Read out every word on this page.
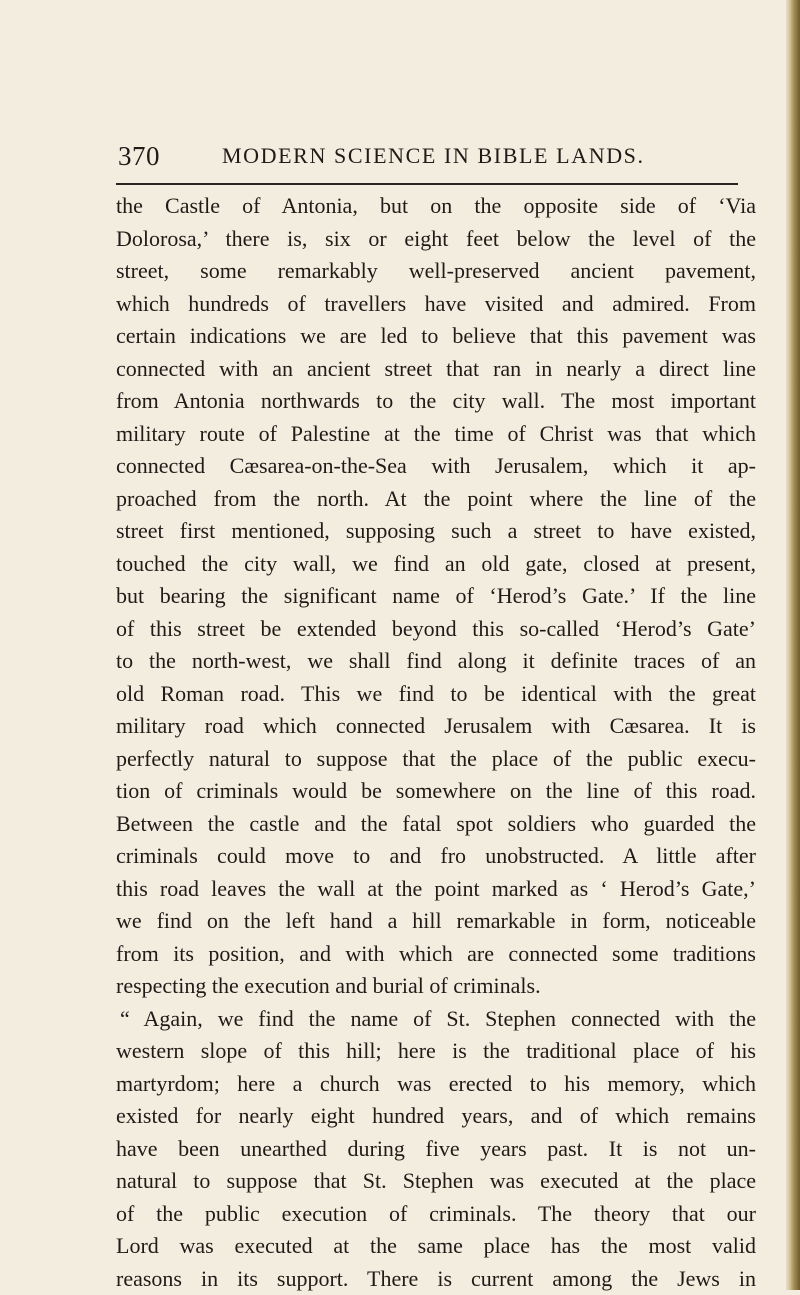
370	MODERN SCIENCE IN BIBLE LANDS.
the Castle of Antonia, but on the opposite side of ‘Via
Dolorosa,’ there is, six or eight feet below the level of the
street, some remarkably well-preserved ancient pavement,
which hundreds of travellers have visited and admired. From
certain indications we are led to believe that this pavement was
connected with an ancient street that ran in nearly a direct line
from Antonia northwards to the city wall. The most important
military route of Palestine at the time of Christ was that which
connected Cæsarea-on-the-Sea with Jerusalem, which it ap-
proached from the north. At the point where the line of the
street first mentioned, supposing such a street to have existed,
touched the city wall, we find an old gate, closed at present,
but bearing the significant name of ‘Herod’s Gate.’ If the line
of this street be extended beyond this so-called ‘Herod’s Gate’
to the north-west, we shall find along it definite traces of an
old Roman road. This we find to be identical with the great
military road which connected Jerusalem with Cæsarea. It is
perfectly natural to suppose that the place of the public execu-
tion of criminals would be somewhere on the line of this road.
Between the castle and the fatal spot soldiers who guarded the
criminals could move to and fro unobstructed. A little after
this road leaves the wall at the point marked as ‘ Herod’s Gate,’
we find on the left hand a hill remarkable in form, noticeable
from its position, and with which are connected some traditions
respecting the execution and burial of criminals.
“ Again, we find the name of St. Stephen connected with the
western slope of this hill; here is the traditional place of his
martyrdom; here a church was erected to his memory, which
existed for nearly eight hundred years, and of which remains
have been unearthed during five years past. It is not un-
natural to suppose that St. Stephen was executed at the place
of the public execution of criminals. The theory that our
Lord was executed at the same place has the most valid
reasons in its support. There is current among the Jews in
